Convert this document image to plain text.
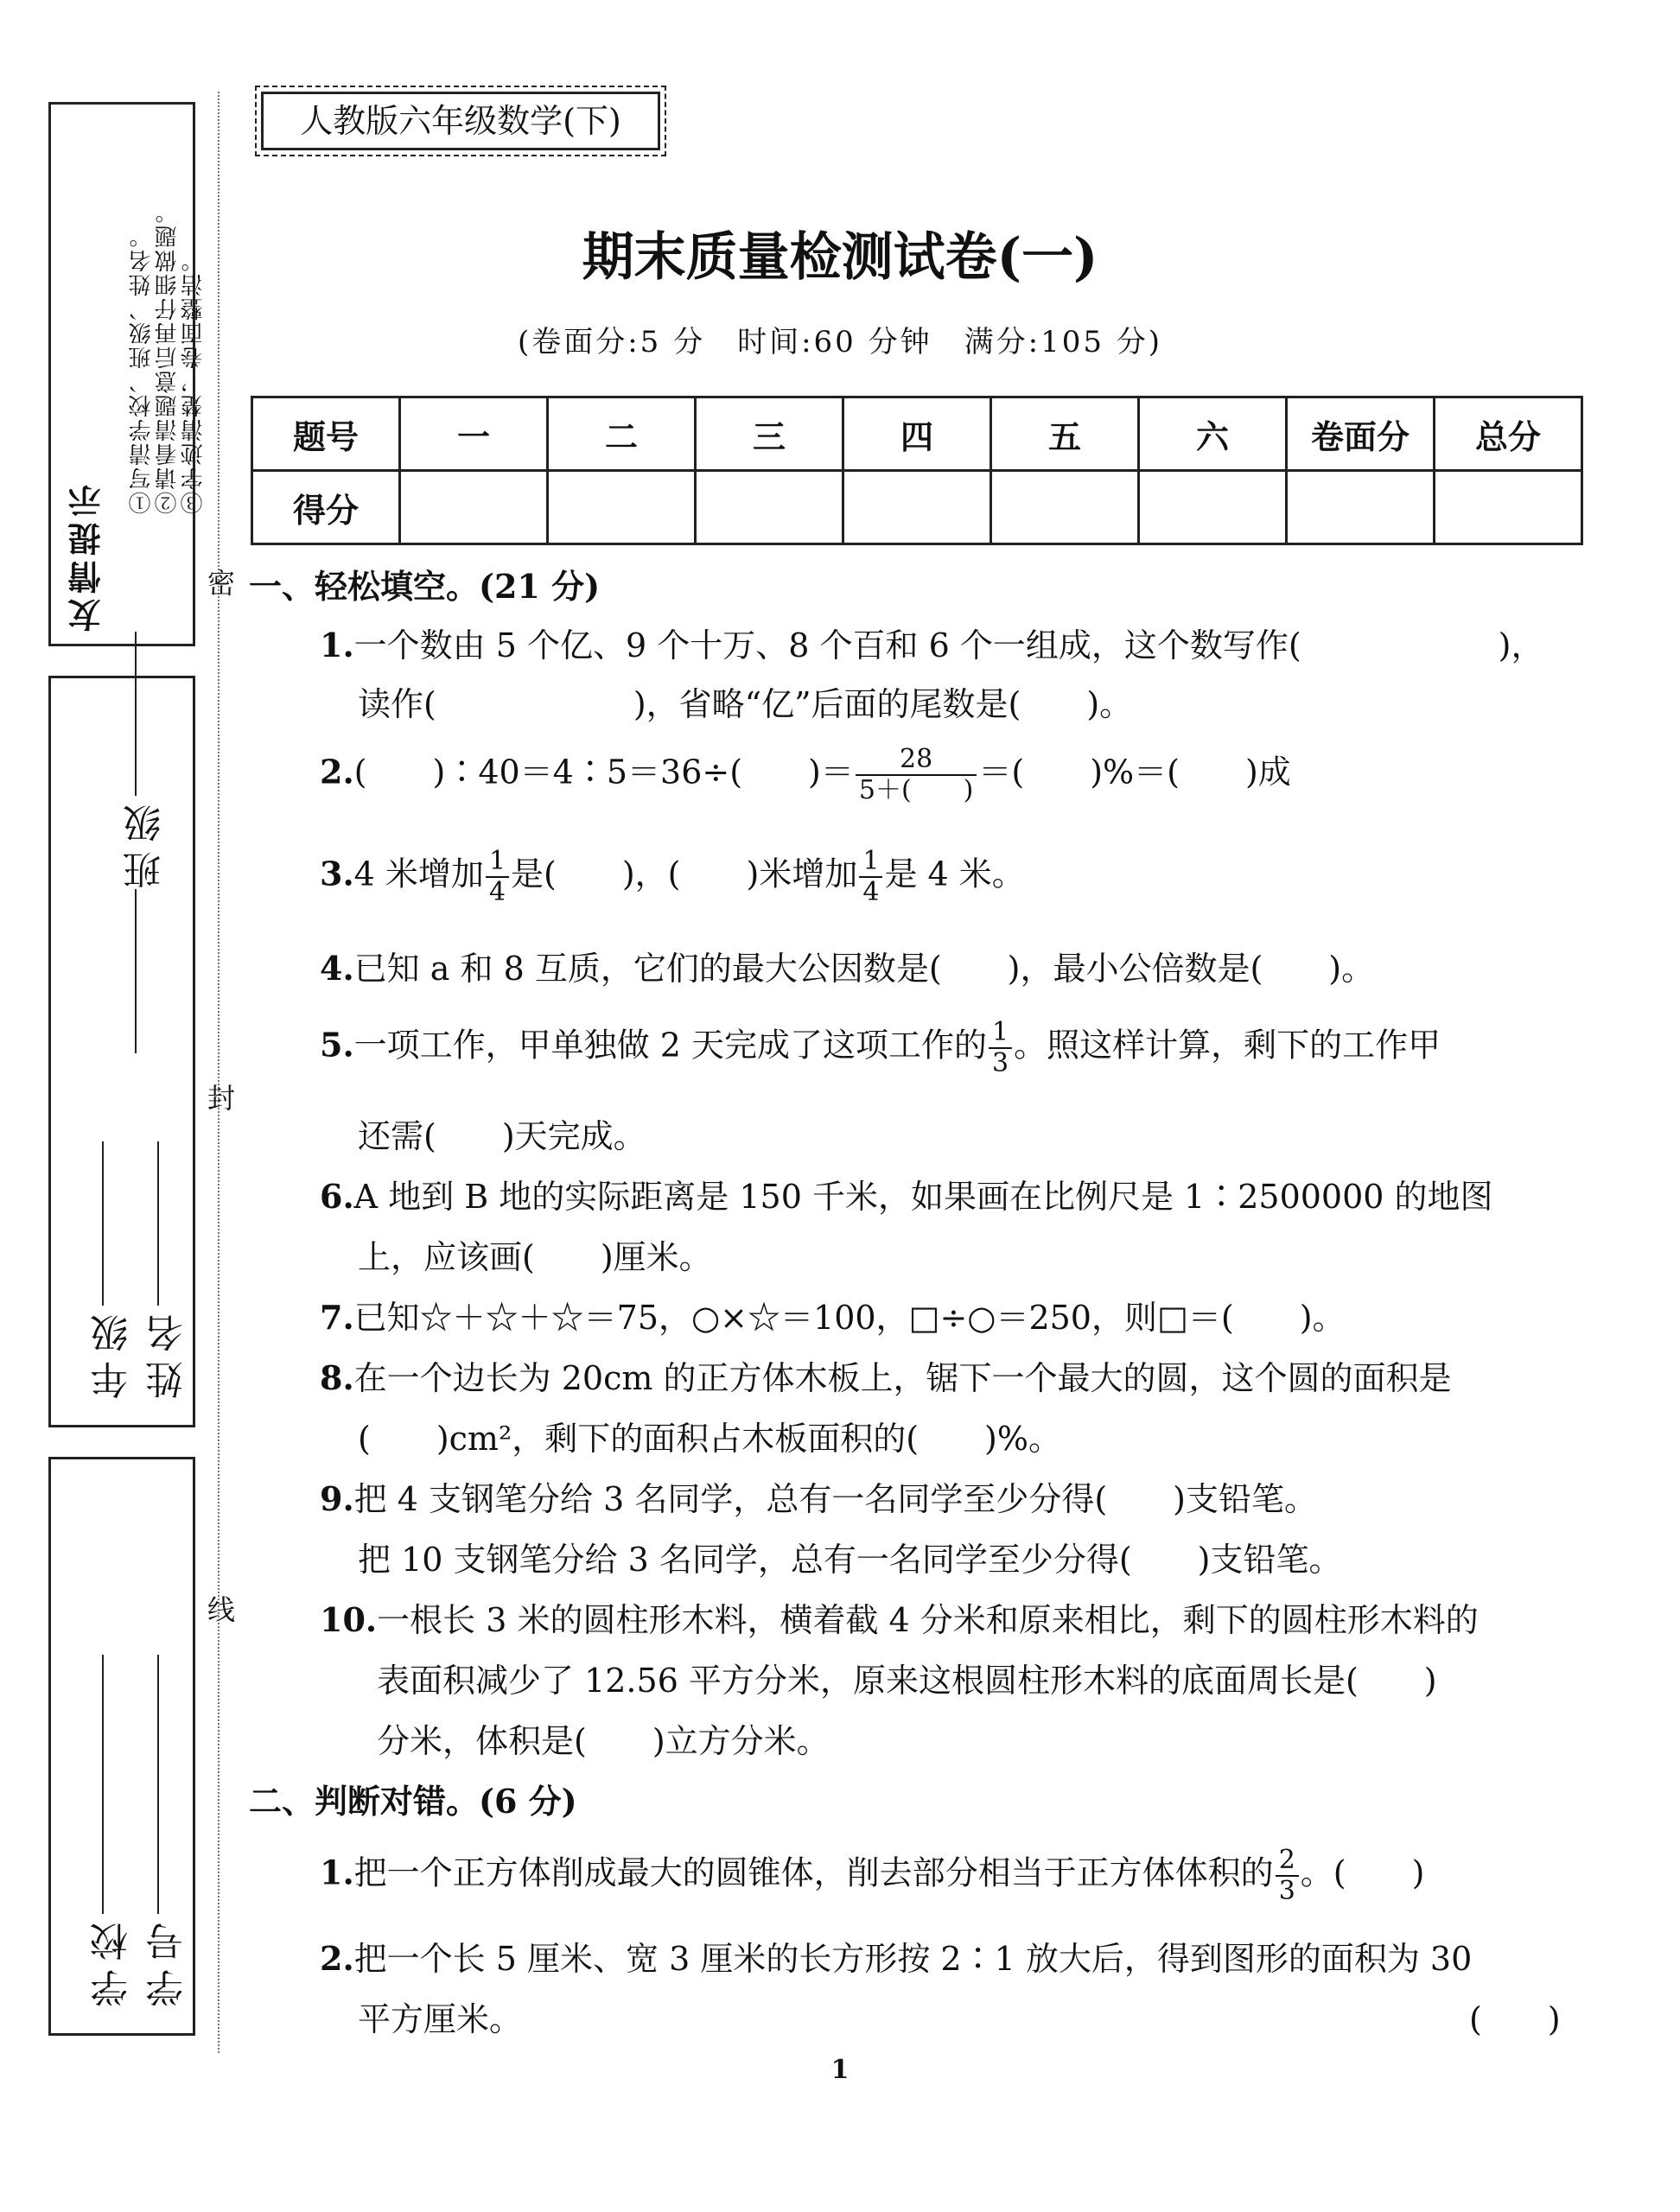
友情提示
①写清学校、班级、姓名。 ②请看清题意后再仔细做题。 ③字迹清楚，卷面整洁。
班级
年级 姓名
学校 学号
密
封
线
人教版六年级数学(下)
期末质量检测试卷(一)
(卷面分:5 分　时间:60 分钟　满分:105 分)
题号	一	二	三	四	五	六	卷面分	总分
得分								
一、轻松填空。(21 分)
1.一个数由 5 个亿、9 个十万、8 个百和 6 个一组成，这个数写作(　　　　　　)，
读作(　　　　　　)，省略“亿”后面的尾数是(　　)。
2.(　　)∶40＝4∶5＝36÷(　　)＝ $\frac{28}{5+( )}$ ＝(　　)%＝(　　)成
3.4 米增加 $\frac{1}{4}$ 是(　　)，(　　)米增加 $\frac{1}{4}$ 是 4 米。
4.已知 a 和 8 互质，它们的最大公因数是(　　)，最小公倍数是(　　)。
5.一项工作，甲单独做 2 天完成了这项工作的 $\frac{1}{3}$ 。照这样计算，剩下的工作甲
还需(　　)天完成。
6.A 地到 B 地的实际距离是 150 千米，如果画在比例尺是 1∶2500000 的地图
上，应该画(　　)厘米。
7.已知☆＋☆＋☆＝75，○×☆＝100，□÷○＝250，则□＝(　　)。
8.在一个边长为 20cm 的正方体木板上，锯下一个最大的圆，这个圆的面积是
(　　)cm²，剩下的面积占木板面积的(　　)%。
9.把 4 支钢笔分给 3 名同学，总有一名同学至少分得(　　)支铅笔。
把 10 支钢笔分给 3 名同学，总有一名同学至少分得(　　)支铅笔。
10.一根长 3 米的圆柱形木料，横着截 4 分米和原来相比，剩下的圆柱形木料的
表面积减少了 12.56 平方分米，原来这根圆柱形木料的底面周长是(　　)
分米，体积是(　　)立方分米。
二、判断对错。(6 分)
1.把一个正方体削成最大的圆锥体，削去部分相当于正方体体积的 $\frac{2}{3}$ 。(　　)
2.把一个长 5 厘米、宽 3 厘米的长方形按 2∶1 放大后，得到图形的面积为 30
平方厘米。	(　　)
1
